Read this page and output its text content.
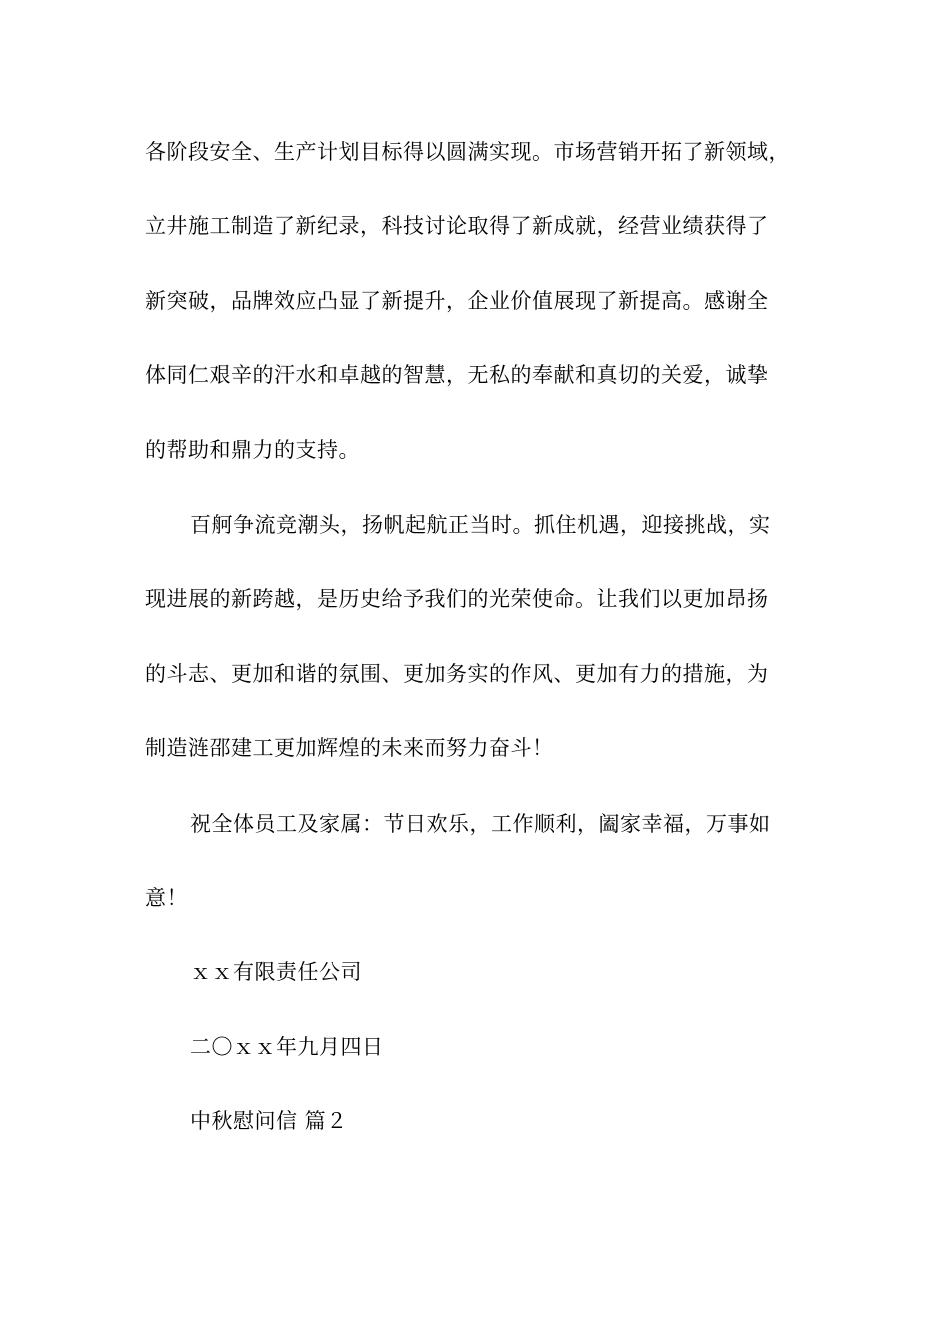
各阶段安全、生产计划目标得以圆满实现。市场营销开拓了新领域，
立井施工制造了新纪录，科技讨论取得了新成就，经营业绩获得了
新突破，品牌效应凸显了新提升，企业价值展现了新提高。感谢全
体同仁艰辛的汗水和卓越的智慧，无私的奉献和真切的关爱，诚挚
的帮助和鼎力的支持。
百舸争流竞潮头，扬帆起航正当时。抓住机遇，迎接挑战，实
现进展的新跨越，是历史给予我们的光荣使命。让我们以更加昂扬
的斗志、更加和谐的氛围、更加务实的作风、更加有力的措施，为
制造涟邵建工更加辉煌的未来而努力奋斗！
祝全体员工及家属：节日欢乐，工作顺利，阖家幸福，万事如
意！
ｘｘ有限责任公司
二〇ｘｘ年九月四日
中秋慰问信 篇２
